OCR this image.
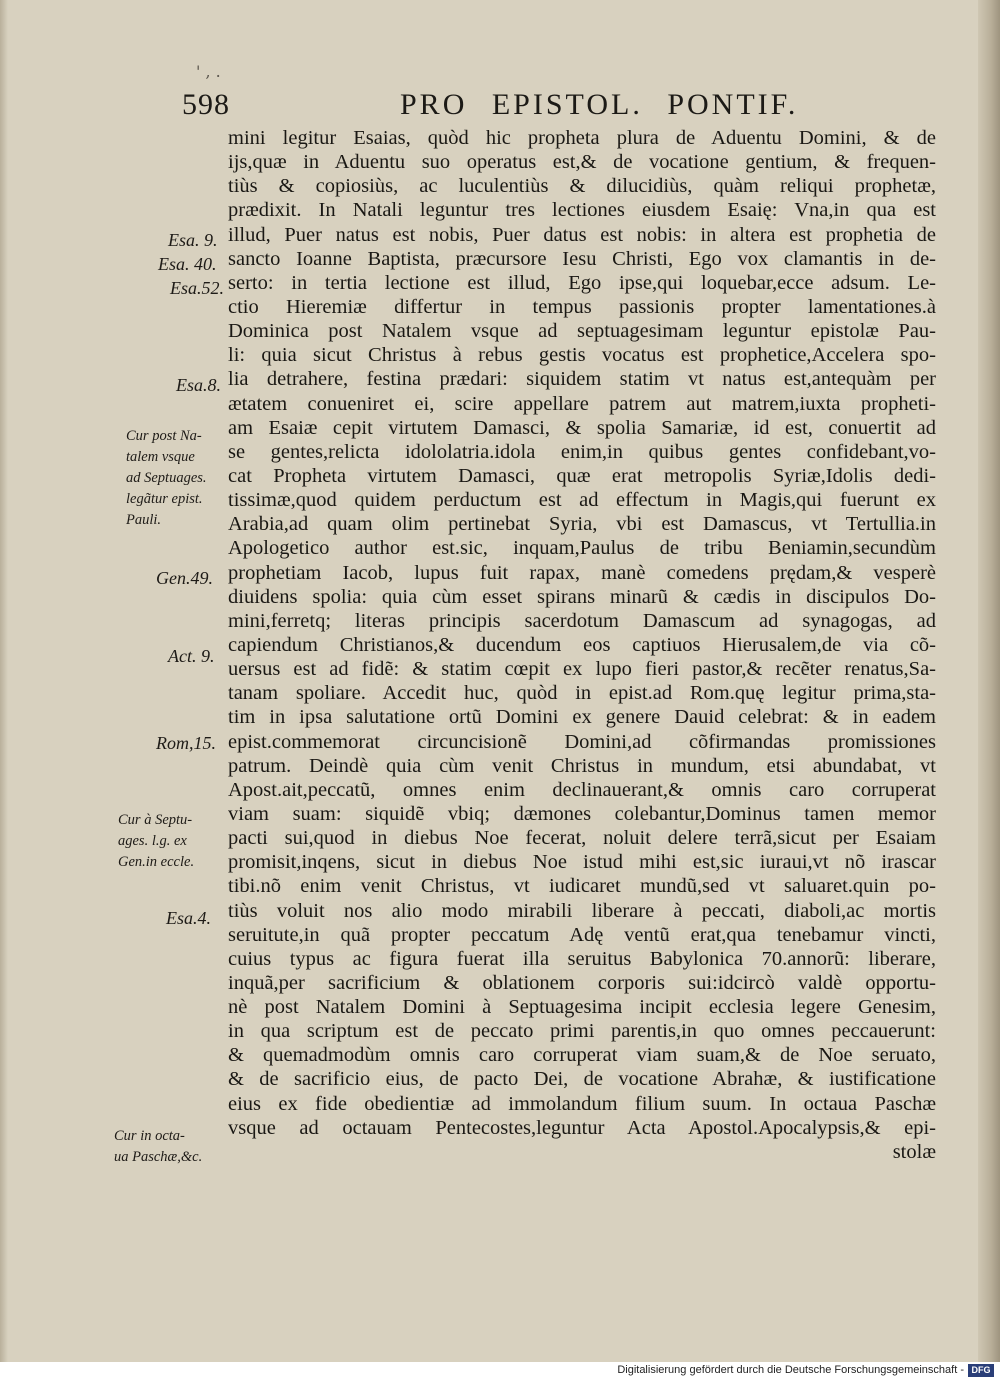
' , .
598	PRO EPISTOL. PONTIF.
mini legitur Esaias, quòd hic propheta plura de Aduentu Domini, & de
ijs,quæ in Aduentu suo operatus est,& de vocatione gentium, & frequen-
tiùs & copiosiùs, ac luculentiùs & dilucidiùs, quàm reliqui prophetæ,
prædixit. In Natali leguntur tres lectiones eiusdem Esaię: Vna,in qua est
illud, Puer natus est nobis, Puer datus est nobis: in altera est prophetia de
sancto Ioanne Baptista, præcursore Iesu Christi, Ego vox clamantis in de-
serto: in tertia lectione est illud, Ego ipse,qui loquebar,ecce adsum. Le-
ctio Hieremiæ differtur in tempus passionis propter lamentationes.à
Dominica post Natalem vsque ad septuagesimam leguntur epistolæ Pau-
li: quia sicut Christus à rebus gestis vocatus est prophetice,Accelera spo-
lia detrahere, festina prædari: siquidem statim vt natus est,antequàm per
ætatem conueniret ei, scire appellare patrem aut matrem,iuxta propheti-
am Esaiæ cepit virtutem Damasci, & spolia Samariæ, id est, conuertit ad
se gentes,relicta idololatria.idola enim,in quibus gentes confidebant,vo-
cat Propheta virtutem Damasci, quæ erat metropolis Syriæ,Idolis dedi-
tissimæ,quod quidem perductum est ad effectum in Magis,qui fuerunt ex
Arabia,ad quam olim pertinebat Syria, vbi est Damascus, vt Tertullia.in
Apologetico author est.sic, inquam,Paulus de tribu Beniamin,secundùm
prophetiam Iacob, lupus fuit rapax, manè comedens prędam,& vesperè
diuidens spolia: quia cùm esset spirans minarũ & cædis in discipulos Do-
mini,ferretq; literas principis sacerdotum Damascum ad synagogas, ad
capiendum Christianos,& ducendum eos captiuos Hierusalem,de via cõ-
uersus est ad fidẽ: & statim cœpit ex lupo fieri pastor,& recẽter renatus,Sa-
tanam spoliare. Accedit huc, quòd in epist.ad Rom.quę legitur prima,sta-
tim in ipsa salutatione ortũ Domini ex genere Dauid celebrat: & in eadem
epist.commemorat circuncisionẽ Domini,ad cõfirmandas promissiones
patrum. Deindè quia cùm venit Christus in mundum, etsi abundabat, vt
Apost.ait,peccatũ, omnes enim declinauerant,& omnis caro corruperat
viam suam: siquidẽ vbiq; dæmones colebantur,Dominus tamen memor
pacti sui,quod in diebus Noe fecerat, noluit delere terrã,sicut per Esaiam
promisit,inqens, sicut in diebus Noe istud mihi est,sic iuraui,vt nõ irascar
tibi.nõ enim venit Christus, vt iudicaret mundũ,sed vt saluaret.quin po-
tiùs voluit nos alio modo mirabili liberare à peccati, diaboli,ac mortis
seruitute,in quã propter peccatum Adę ventũ erat,qua tenebamur vincti,
cuius typus ac figura fuerat illa seruitus Babylonica 70.annorũ: liberare,
inquã,per sacrificium & oblationem corporis sui:idcircò valdè opportu-
nè post Natalem Domini à Septuagesima incipit ecclesia legere Genesim,
in qua scriptum est de peccato primi parentis,in quo omnes peccauerunt:
& quemadmodùm omnis caro corruperat viam suam,& de Noe seruato,
& de sacrificio eius, de pacto Dei, de vocatione Abrahæ, & iustificatione
eius ex fide obedientiæ ad immolandum filium suum. In octaua Paschæ
vsque ad octauam Pentecostes,leguntur Acta Apostol.Apocalypsis,& epi-
stolæ
Esa. 9.
Esa. 40.
Esa.52.
Esa.8.
Cur post Na-
talem vsque
ad Septuages.
legãtur epist.
Pauli.
Gen.49.
Act. 9.
Rom,15.
Cur à Septu-
ages. l.g. ex
Gen.in eccle.
Esa.4.
Cur in octa-
ua Paschæ,&c.
Digitalisierung gefördert durch die Deutsche Forschungsgemeinschaft - DFG
